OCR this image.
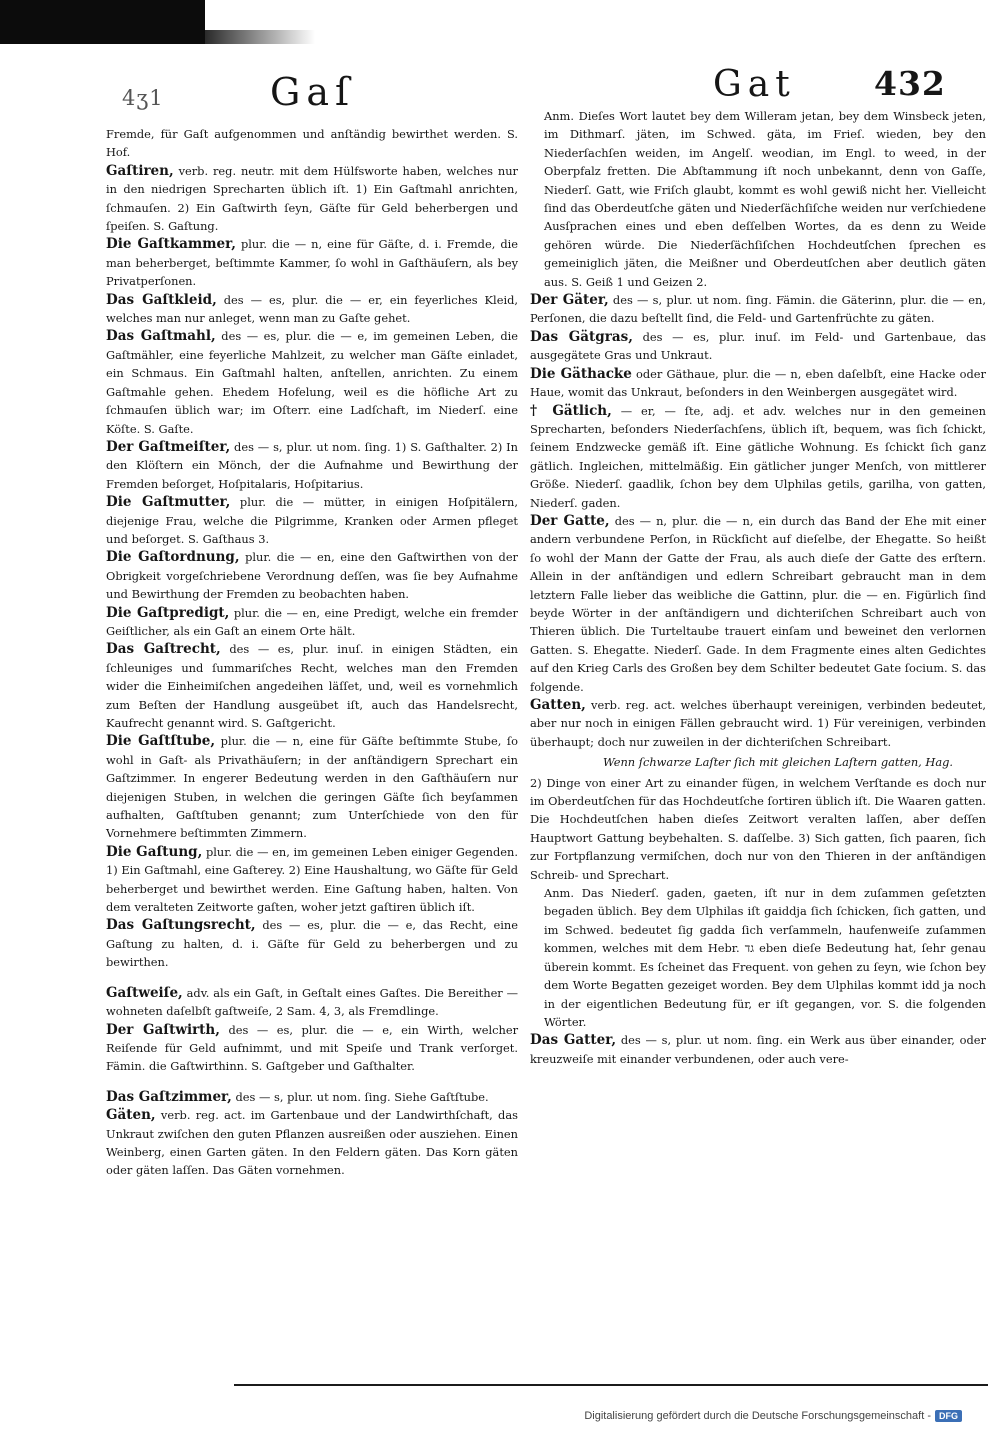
4ʒ1	Gaſ	Gat 432

Fremde, für Gaſt aufgenommen und anſtändig bewirthet werden. S. Hof.

Gaſtiren, verb. reg. neutr. mit dem Hülfsworte haben, welches nur in den niedrigen Sprecharten üblich iſt. 1) Ein Gaſtmahl anrichten, ſchmauſen. 2) Ein Gaſtwirth ſeyn, Gäſte für Geld beherbergen und ſpeiſen. S. Gaſtung.

Die Gaſtkammer, plur. die — n, eine für Gäſte, d. i. Fremde, die man beherberget, beſtimmte Kammer, ſo wohl in Gaſthäuſern, als bey Privatperſonen.

Das Gaſtkleid, des — es, plur. die — er, ein feyerliches Kleid, welches man nur anleget, wenn man zu Gaſte gehet.

Das Gaſtmahl, des — es, plur. die — e, im gemeinen Leben, die Gaſtmähler, eine feyerliche Mahlzeit, zu welcher man Gäſte einladet, ein Schmaus. Ein Gaſtmahl halten, anſtellen, anrichten. Zu einem Gaſtmahle gehen. Ehedem Hofelung, weil es die höfliche Art zu ſchmauſen üblich war; im Oſterr. eine Ladſchaft, im Niederſ. eine Köſte. S. Gaſte.

Der Gaſtmeiſter, des — s, plur. ut nom. ſing. 1) S. Gaſthalter. 2) In den Klöſtern ein Mönch, der die Aufnahme und Bewirthung der Fremden beſorget, Hoſpitalaris, Hoſpitarius.

Die Gaſtmutter, plur. die — mütter, in einigen Hoſpitälern, diejenige Frau, welche die Pilgrimme, Kranken oder Armen pfleget und beſorget. S. Gaſthaus 3.

Die Gaſtordnung, plur. die — en, eine den Gaſtwirthen von der Obrigkeit vorgeſchriebene Verordnung deſſen, was ſie bey Aufnahme und Bewirthung der Fremden zu beobachten haben.

Die Gaſtpredigt, plur. die — en, eine Predigt, welche ein fremder Geiſtlicher, als ein Gaſt an einem Orte hält.

Das Gaſtrecht, des — es, plur. inuſ. in einigen Städten, ein ſchleuniges und ſummariſches Recht, welches man den Fremden wider die Einheimiſchen angedeihen läſſet, und, weil es vornehmlich zum Beſten der Handlung ausgeübet iſt, auch das Handelsrecht, Kaufrecht genannt wird. S. Gaſtgericht.

Die Gaſtſtube, plur. die — n, eine für Gäſte beſtimmte Stube, ſo wohl in Gaſt- als Privathäuſern; in der anſtändigern Sprechart ein Gaſtzimmer. In engerer Bedeutung werden in den Gaſthäuſern nur diejenigen Stuben, in welchen die geringen Gäſte ſich beyſammen aufhalten, Gaſtſtuben genannt; zum Unterſchiede von den für Vornehmere beſtimmten Zimmern.

Die Gaſtung, plur. die — en, im gemeinen Leben einiger Gegenden. 1) Ein Gaſtmahl, eine Gaſterey. 2) Eine Haushaltung, wo Gäſte für Geld beherberget und bewirthet werden. Eine Gaſtung haben, halten. Von dem veralteten Zeitworte gaſten, woher jetzt gaſtiren üblich iſt.

Das Gaſtungsrecht, des — es, plur. die — e, das Recht, eine Gaſtung zu halten, d. i. Gäſte für Geld zu beherbergen und zu bewirthen.

Gaſtweiſe, adv. als ein Gaſt, in Geſtalt eines Gaſtes. Die Bereither — wohneten daſelbſt gaſtweiſe, 2 Sam. 4, 3, als Fremdlinge.

Der Gaſtwirth, des — es, plur. die — e, ein Wirth, welcher Reiſende für Geld aufnimmt, und mit Speiſe und Trank verſorget. Fämin. die Gaſtwirthinn. S. Gaſtgeber und Gaſthalter.

Das Gaſtzimmer, des — s, plur. ut nom. ſing. Siehe Gaſtſtube.

Gäten, verb. reg. act. im Gartenbaue und der Landwirthſchaft, das Unkraut zwiſchen den guten Pflanzen ausreißen oder ausziehen. Einen Weinberg, einen Garten gäten. In den Feldern gäten. Das Korn gäten oder gäten laſſen. Das Gäten vornehmen.

Anm. Dieſes Wort lautet bey dem Willeram jetan, bey dem Winsbeck jeten, im Dithmarſ. jäten, im Schwed. gäta, im Frieſ. wieden, bey den Niederſachſen weiden, im Angelſ. weodian, im Engl. to weed, in der Oberpfalz fretten. Die Abſtammung iſt noch unbekannt, denn von Gaſſe, Niederſ. Gatt, wie Friſch glaubt, kommt es wohl gewiß nicht her. Vielleicht ſind das Oberdeutſche gäten und Niederſächſiſche weiden nur verſchiedene Ausſprachen eines und eben deſſelben Wortes, da es denn zu Weide gehören würde. Die Niederſächſiſchen Hochdeutſchen ſprechen es gemeiniglich jäten, die Meißner und Oberdeutſchen aber deutlich gäten aus. S. Geiß 1 und Geizen 2.

Der Gäter, des — s, plur. ut nom. ſing. Fämin. die Gäterinn, plur. die — en, Perſonen, die dazu beſtellt ſind, die Feld- und Gartenfrüchte zu gäten.

Das Gätgras, des — es, plur. inuſ. im Feld- und Gartenbaue, das ausgegätete Gras und Unkraut.

Die Gäthacke oder Gäthaue, plur. die — n, eben daſelbſt, eine Hacke oder Haue, womit das Unkraut, beſonders in den Weinbergen ausgegätet wird.

† Gätlich, — er, — ſte, adj. et adv. welches nur in den gemeinen Sprecharten, beſonders Niederſachſens, üblich iſt, bequem, was ſich ſchickt, ſeinem Endzwecke gemäß iſt. Eine gätliche Wohnung. Es ſchickt ſich ganz gätlich. Ingleichen, mittelmäßig. Ein gätlicher junger Menſch, von mittlerer Größe. Niederſ. gaadlik, ſchon bey dem Ulphilas getils, garilha, von gatten, Niederſ. gaden.

Der Gatte, des — n, plur. die — n, ein durch das Band der Ehe mit einer andern verbundene Perſon, in Rückſicht auf dieſelbe, der Ehegatte. So heißt ſo wohl der Mann der Gatte der Frau, als auch dieſe der Gatte des erſtern. Allein in der anſtändigen und edlern Schreibart gebraucht man in dem letztern Falle lieber das weibliche die Gattinn, plur. die — en. Figürlich ſind beyde Wörter in der anſtändigern und dichteriſchen Schreibart auch von Thieren üblich. Die Turteltaube trauert einſam und beweinet den verlornen Gatten. S. Ehegatte. Niederſ. Gade. In dem Fragmente eines alten Gedichtes auf den Krieg Carls des Großen bey dem Schilter bedeutet Gate ſocium. S. das folgende.

Gatten, verb. reg. act. welches überhaupt vereinigen, verbinden bedeutet, aber nur noch in einigen Fällen gebraucht wird. 1) Für vereinigen, verbinden überhaupt; doch nur zuweilen in der dichteriſchen Schreibart.

Wenn ſchwarze Laſter ſich mit gleichen Laſtern gatten, Hag.

2) Dinge von einer Art zu einander fügen, in welchem Verſtande es doch nur im Oberdeutſchen für das Hochdeutſche ſortiren üblich iſt. Die Waaren gatten. Die Hochdeutſchen haben dieſes Zeitwort veralten laſſen, aber deſſen Hauptwort Gattung beybehalten. S. daſſelbe. 3) Sich gatten, ſich paaren, ſich zur Fortpflanzung vermiſchen, doch nur von den Thieren in der anſtändigen Schreib- und Sprechart.

Anm. Das Niederſ. gaden, gaeten, iſt nur in dem zuſammen geſetzten begaden üblich. Bey dem Ulphilas iſt gaiddja ſich ſchicken, ſich gatten, und im Schwed. bedeutet ſig gadda ſich verſammeln, haufenweiſe zuſammen kommen, welches mit dem Hebr. גד eben dieſe Bedeutung hat, ſehr genau überein kommt. Es ſcheinet das Frequent. von gehen zu ſeyn, wie ſchon bey dem Worte Begatten gezeiget worden. Bey dem Ulphilas kommt idd ja noch in der eigentlichen Bedeutung für, er iſt gegangen, vor. S. die folgenden Wörter.

Das Gatter, des — s, plur. ut nom. ſing. ein Werk aus über einander, oder kreuzweiſe mit einander verbundenen, oder auch vere-

Digitalisierung gefördert durch die Deutsche Forschungsgemeinschaft - DFG
